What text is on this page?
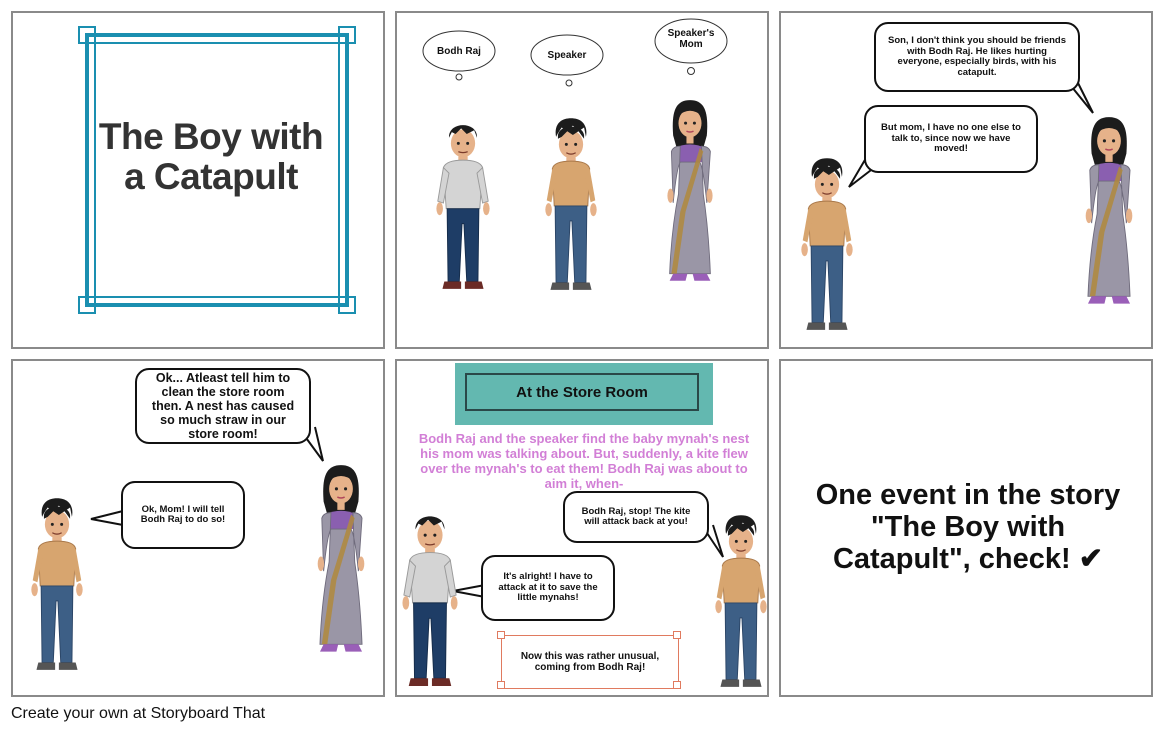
The Boy with
a Catapult
Bodh Raj	Speaker
Speaker's Mom	Son, I don't think you should be friends with Bodh Raj. He likes hurting everyone, especially birds, with his catapult.
But mom, I have no one else to talk to, since now we have moved!
Ok... Atleast tell him to clean the store room then. A nest has caused so much straw in our store room!
Ok, Mom! I will tell Bodh Raj to do so!
At the Store Room
Bodh Raj and the speaker find the baby mynah's nest his mom was talking about. But, suddenly, a kite flew over the mynah's to eat them! Bodh Raj was about to aim it, when-
Bodh Raj, stop! The kite will attack back at you!
It's alright! I have to attack at it to save the little mynahs!
Now this was rather unusual, coming from Bodh Raj!
One event in the story "The Boy with Catapult", check! ✔
Create your own at Storyboard That
